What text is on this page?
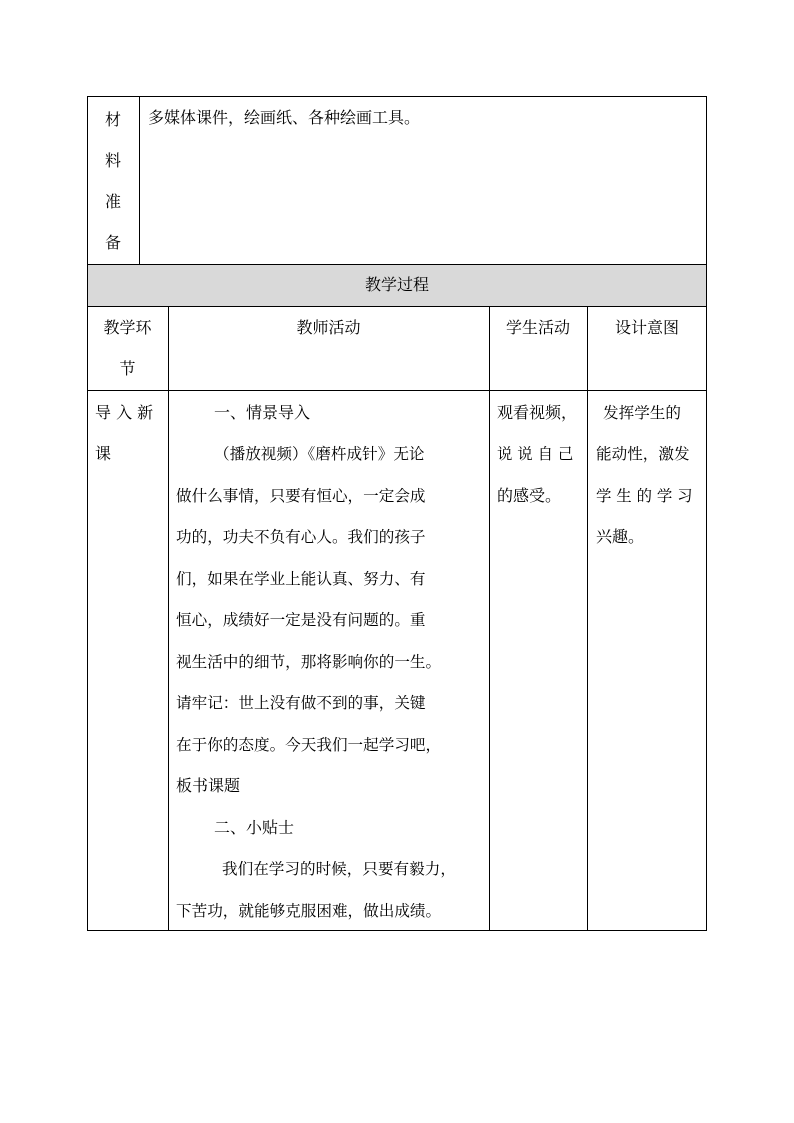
材
料
准
备
多媒体课件，绘画纸、各种绘画工具。
教学过程
教学环
节
教师活动	学生活动	设计意图
导 入 新
课
一、情景导入
（播放视频）《磨杵成针》无论
做什么事情，只要有恒心，一定会成
功的，功夫不负有心人。我们的孩子
们，如果在学业上能认真、努力、有
恒心，成绩好一定是没有问题的。重
视生活中的细节，那将影响你的一生。
请牢记：世上没有做不到的事，关键
在于你的态度。今天我们一起学习吧，
板书课题
二、小贴士
我们在学习的时候，只要有毅力，
下苦功，就能够克服困难，做出成绩。
观看视频，
说 说 自 己
的感受。
发挥学生的
能动性，激发
学 生 的 学 习
兴趣。
